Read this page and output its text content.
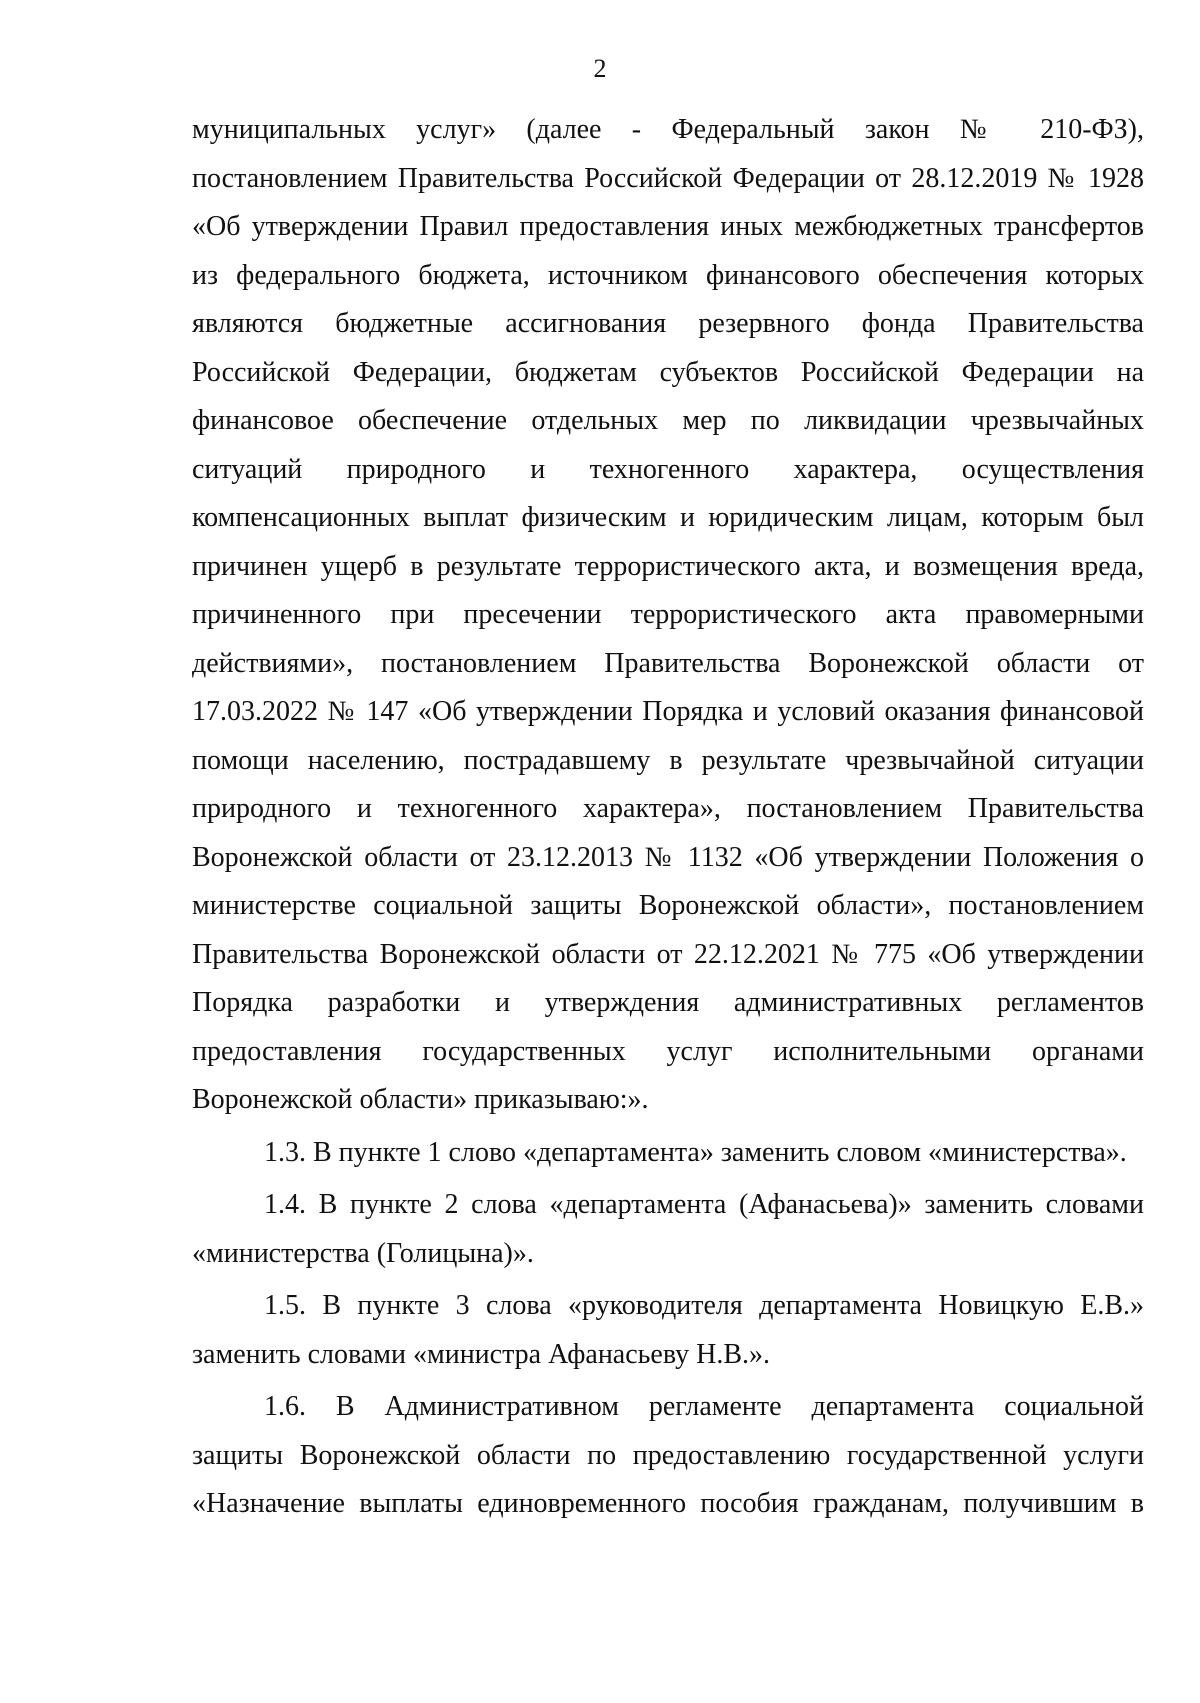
2
муниципальных услуг» (далее - Федеральный закон № 210-ФЗ),
постановлением Правительства Российской Федерации от 28.12.2019 № 1928
«Об утверждении Правил предоставления иных межбюджетных трансфертов
из федерального бюджета, источником финансового обеспечения которых
являются бюджетные ассигнования резервного фонда Правительства
Российской Федерации, бюджетам субъектов Российской Федерации на
финансовое обеспечение отдельных мер по ликвидации чрезвычайных
ситуаций природного и техногенного характера, осуществления
компенсационных выплат физическим и юридическим лицам, которым был
причинен ущерб в результате террористического акта, и возмещения вреда,
причиненного при пресечении террористического акта правомерными
действиями», постановлением Правительства Воронежской области от
17.03.2022 № 147 «Об утверждении Порядка и условий оказания финансовой
помощи населению, пострадавшему в результате чрезвычайной ситуации
природного и техногенного характера», постановлением Правительства
Воронежской области от 23.12.2013 № 1132 «Об утверждении Положения о
министерстве социальной защиты Воронежской области», постановлением
Правительства Воронежской области от 22.12.2021 № 775 «Об утверждении
Порядка разработки и утверждения административных регламентов
предоставления государственных услуг исполнительными органами
Воронежской области» приказываю:».
1.3. В пункте 1 слово «департамента» заменить словом «министерства».
1.4. В пункте 2 слова «департамента (Афанасьева)» заменить словами
«министерства (Голицына)».
1.5. В пункте 3 слова «руководителя департамента Новицкую Е.В.»
заменить словами «министра Афанасьеву Н.В.».
1.6. В Административном регламенте департамента социальной
защиты Воронежской области по предоставлению государственной услуги
«Назначение выплаты единовременного пособия гражданам, получившим в
